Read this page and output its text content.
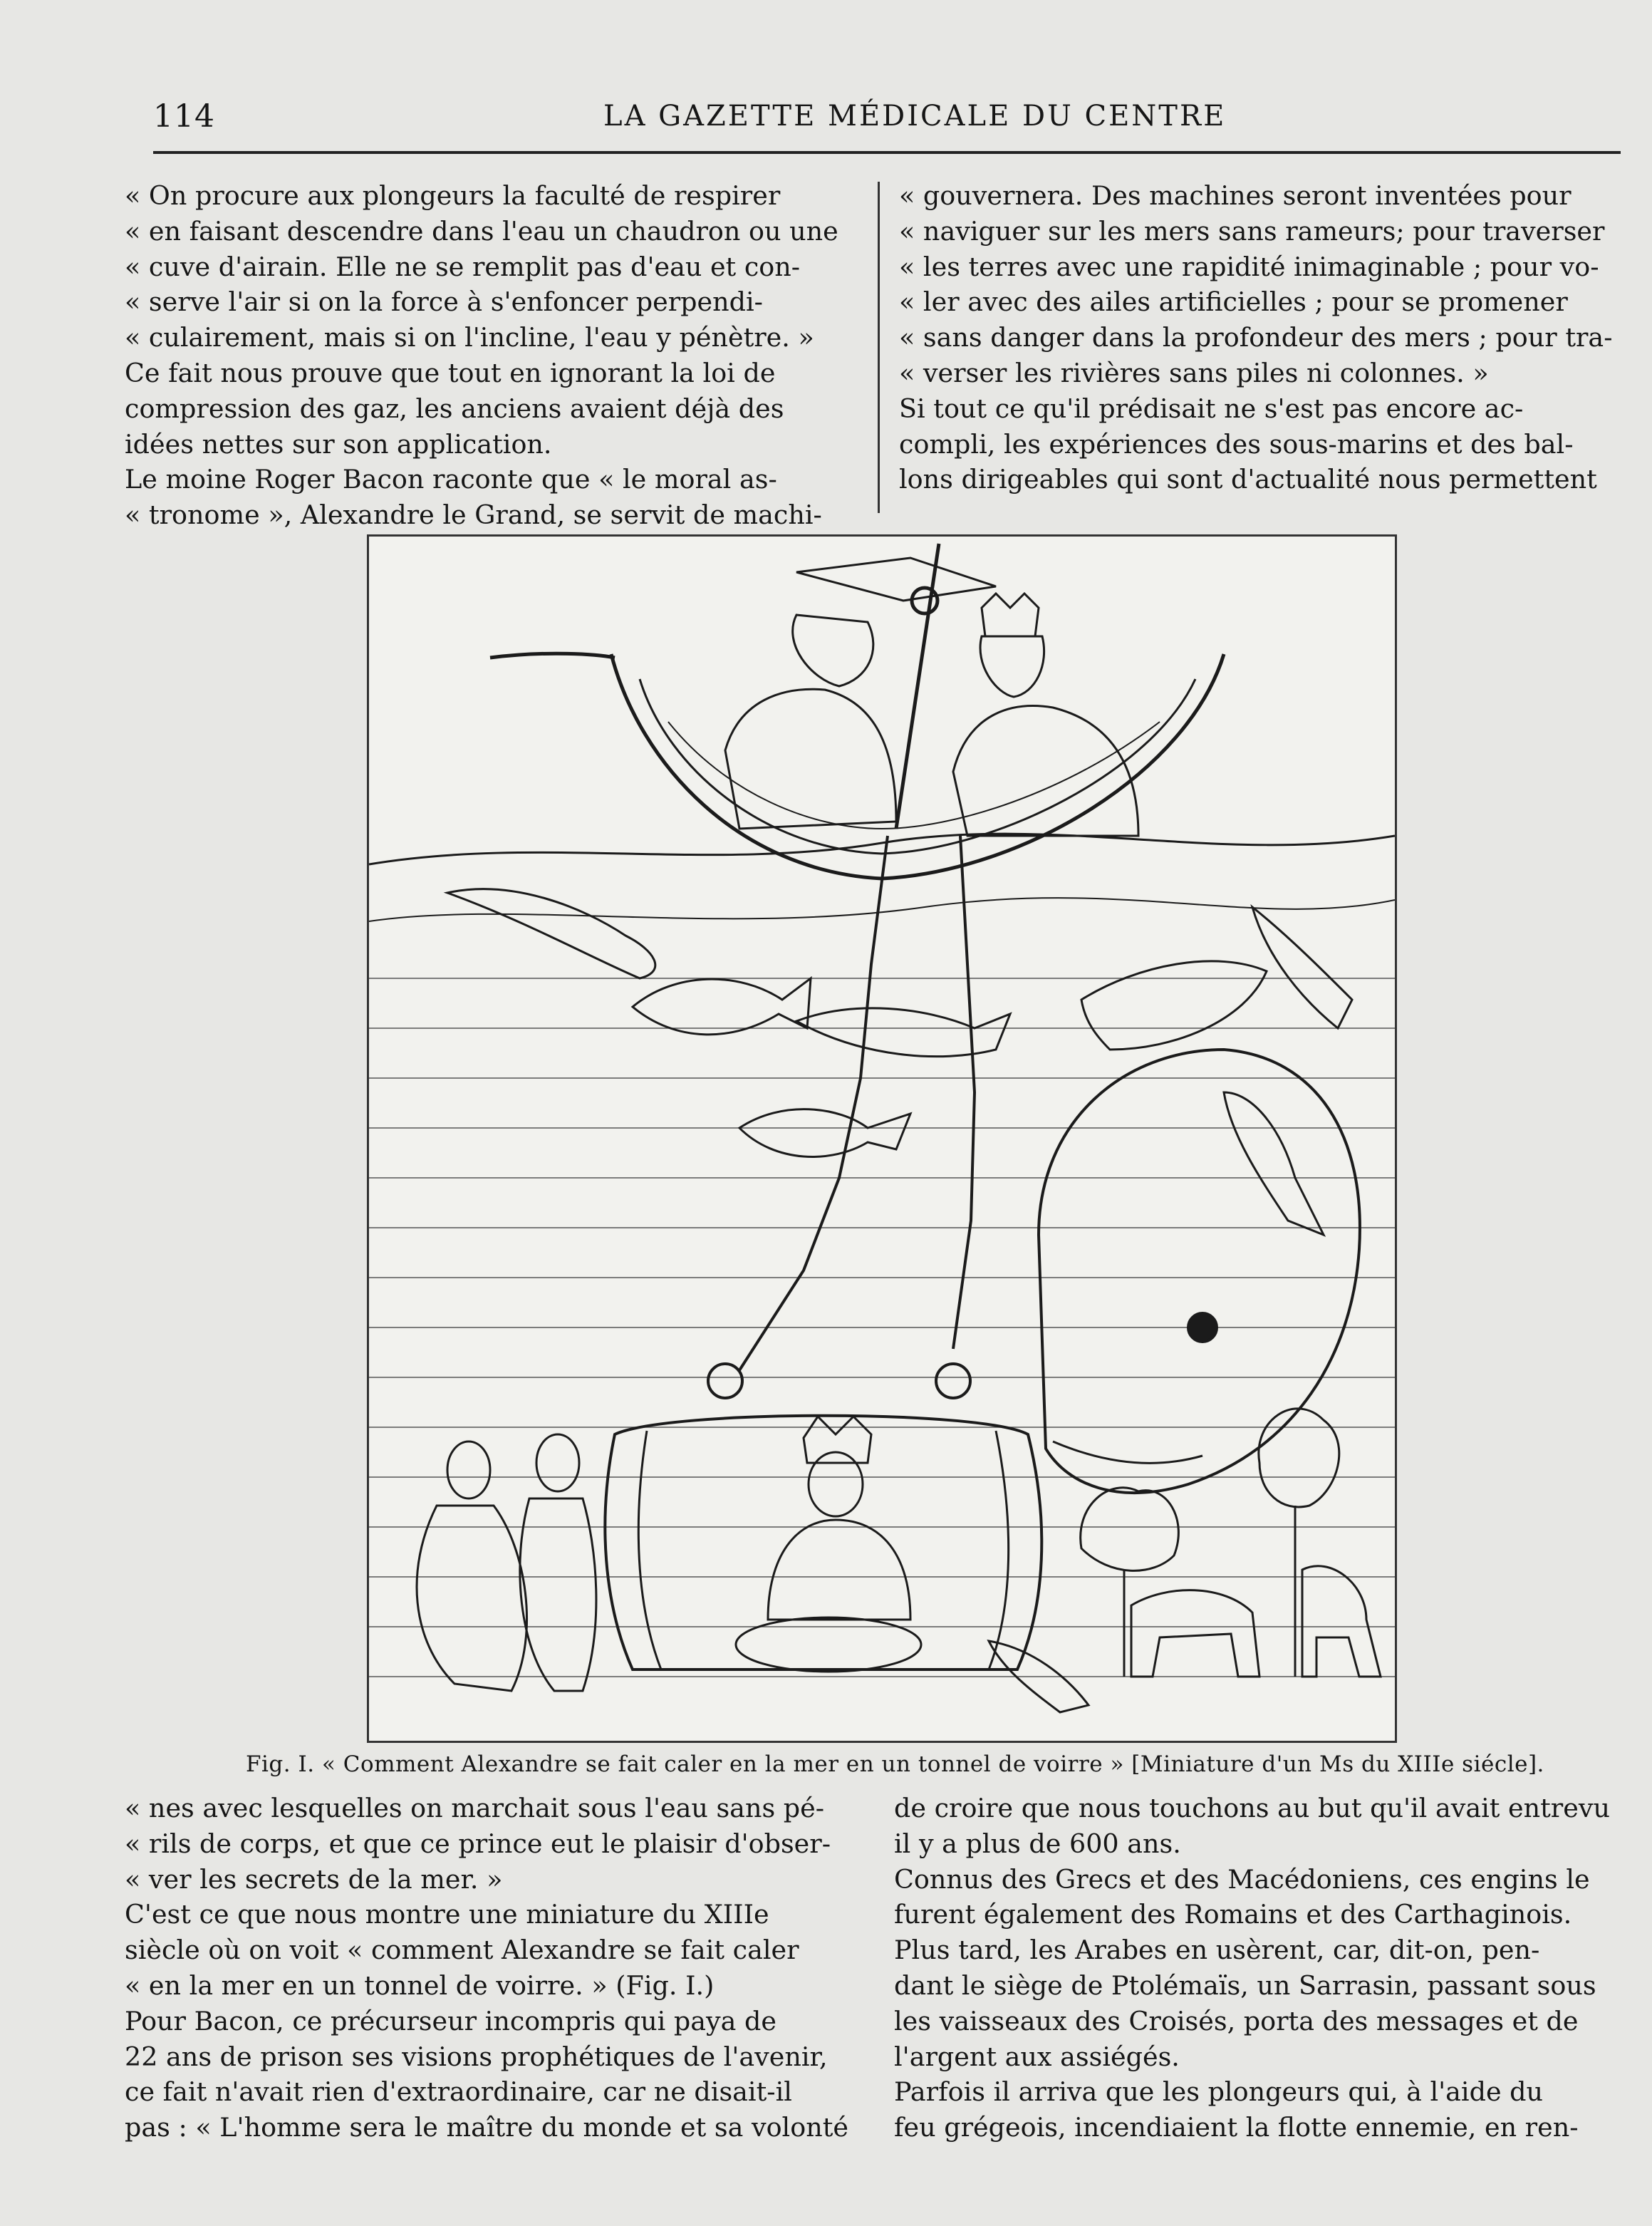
114	LA GAZETTE MÉDICALE DU CENTRE

« On procure aux plongeurs la faculté de respirer

« en faisant descendre dans l'eau un chaudron ou une

« cuve d'airain. Elle ne se remplit pas d'eau et con-

« serve l'air si on la force à s'enfoncer perpendi-

« culairement, mais si on l'incline, l'eau y pénètre. »

Ce fait nous prouve que tout en ignorant la loi de

compression des gaz, les anciens avaient déjà des

idées nettes sur son application.

Le moine Roger Bacon raconte que « le moral as-

« tronome », Alexandre le Grand, se servit de machi-

« gouvernera. Des machines seront inventées pour

« naviguer sur les mers sans rameurs; pour traverser

« les terres avec une rapidité inimaginable ; pour vo-

« ler avec des ailes artificielles ; pour se promener

« sans danger dans la profondeur des mers ; pour tra-

« verser les rivières sans piles ni colonnes. »

Si tout ce qu'il prédisait ne s'est pas encore ac-

compli, les expériences des sous-marins et des bal-

lons dirigeables qui sont d'actualité nous permettent

Fig. I. « Comment Alexandre se fait caler en la mer en un tonnel de voirre » [Miniature d'un Ms du XIIIe siécle].

« nes avec lesquelles on marchait sous l'eau sans pé-

« rils de corps, et que ce prince eut le plaisir d'obser-

« ver les secrets de la mer. »

C'est ce que nous montre une miniature du XIIIe

siècle où on voit « comment Alexandre se fait caler

« en la mer en un tonnel de voirre. » (Fig. I.)

Pour Bacon, ce précurseur incompris qui paya de

22 ans de prison ses visions prophétiques de l'avenir,

ce fait n'avait rien d'extraordinaire, car ne disait-il

pas : « L'homme sera le maître du monde et sa volonté

de croire que nous touchons au but qu'il avait entrevu

il y a plus de 600 ans.

Connus des Grecs et des Macédoniens, ces engins le

furent également des Romains et des Carthaginois.

Plus tard, les Arabes en usèrent, car, dit-on, pen-

dant le siège de Ptolémaïs, un Sarrasin, passant sous

les vaisseaux des Croisés, porta des messages et de

l'argent aux assiégés.

Parfois il arriva que les plongeurs qui, à l'aide du

feu grégeois, incendiaient la flotte ennemie, en ren-
